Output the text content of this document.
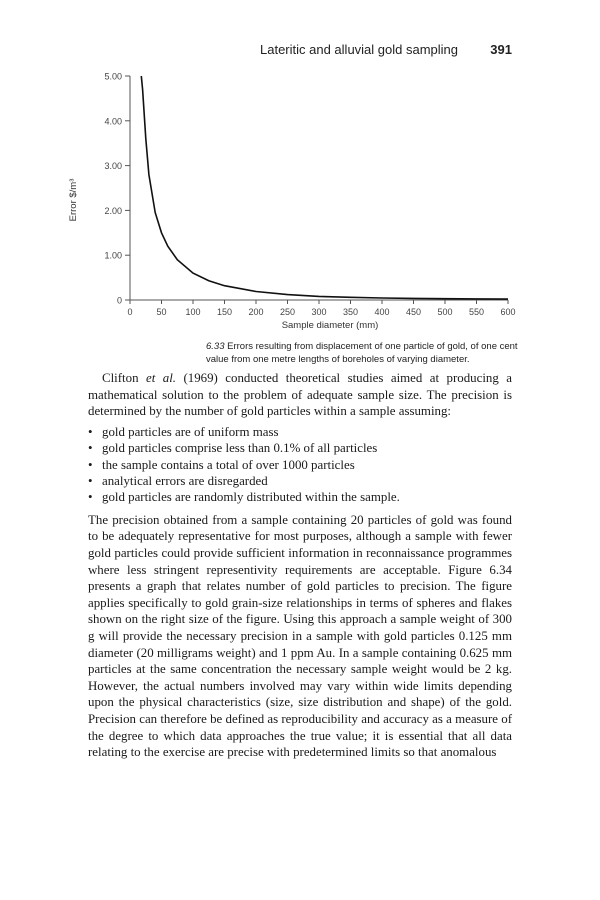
Lateritic and alluvial gold sampling 391
0
1.00
2.00
3.00
4.00
5.00
0	50 100 150 200 250 300 350 400 450 500 550 600
Sample diameter (mm)
Error $/m³
6.33 Errors resulting from displacement of one particle of gold, of one cent value from one metre lengths of boreholes of varying diameter.

Clifton et al. (1969) conducted theoretical studies aimed at producing a mathematical solution to the problem of adequate sample size. The precision is determined by the number of gold particles within a sample assuming:

• gold particles are of uniform mass
• gold particles comprise less than 0.1% of all particles
• the sample contains a total of over 1000 particles
• analytical errors are disregarded
• gold particles are randomly distributed within the sample.

The precision obtained from a sample containing 20 particles of gold was found to be adequately representative for most purposes, although a sample with fewer gold particles could provide sufficient information in reconnaissance programmes where less stringent representivity requirements are acceptable. Figure 6.34 presents a graph that relates number of gold particles to precision. The figure applies specifically to gold grain-size relationships in terms of spheres and flakes shown on the right size of the figure. Using this approach a sample weight of 300 g will provide the necessary precision in a sample with gold particles 0.125 mm diameter (20 milligrams weight) and 1 ppm Au. In a sample containing 0.625 mm particles at the same concentration the necessary sample weight would be 2 kg. However, the actual numbers involved may vary within wide limits depending upon the physical characteristics (size, size distribution and shape) of the gold. Precision can therefore be defined as reproducibility and accuracy as a measure of the degree to which data approaches the true value; it is essential that all data relating to the exercise are precise with predetermined limits so that anomalous
